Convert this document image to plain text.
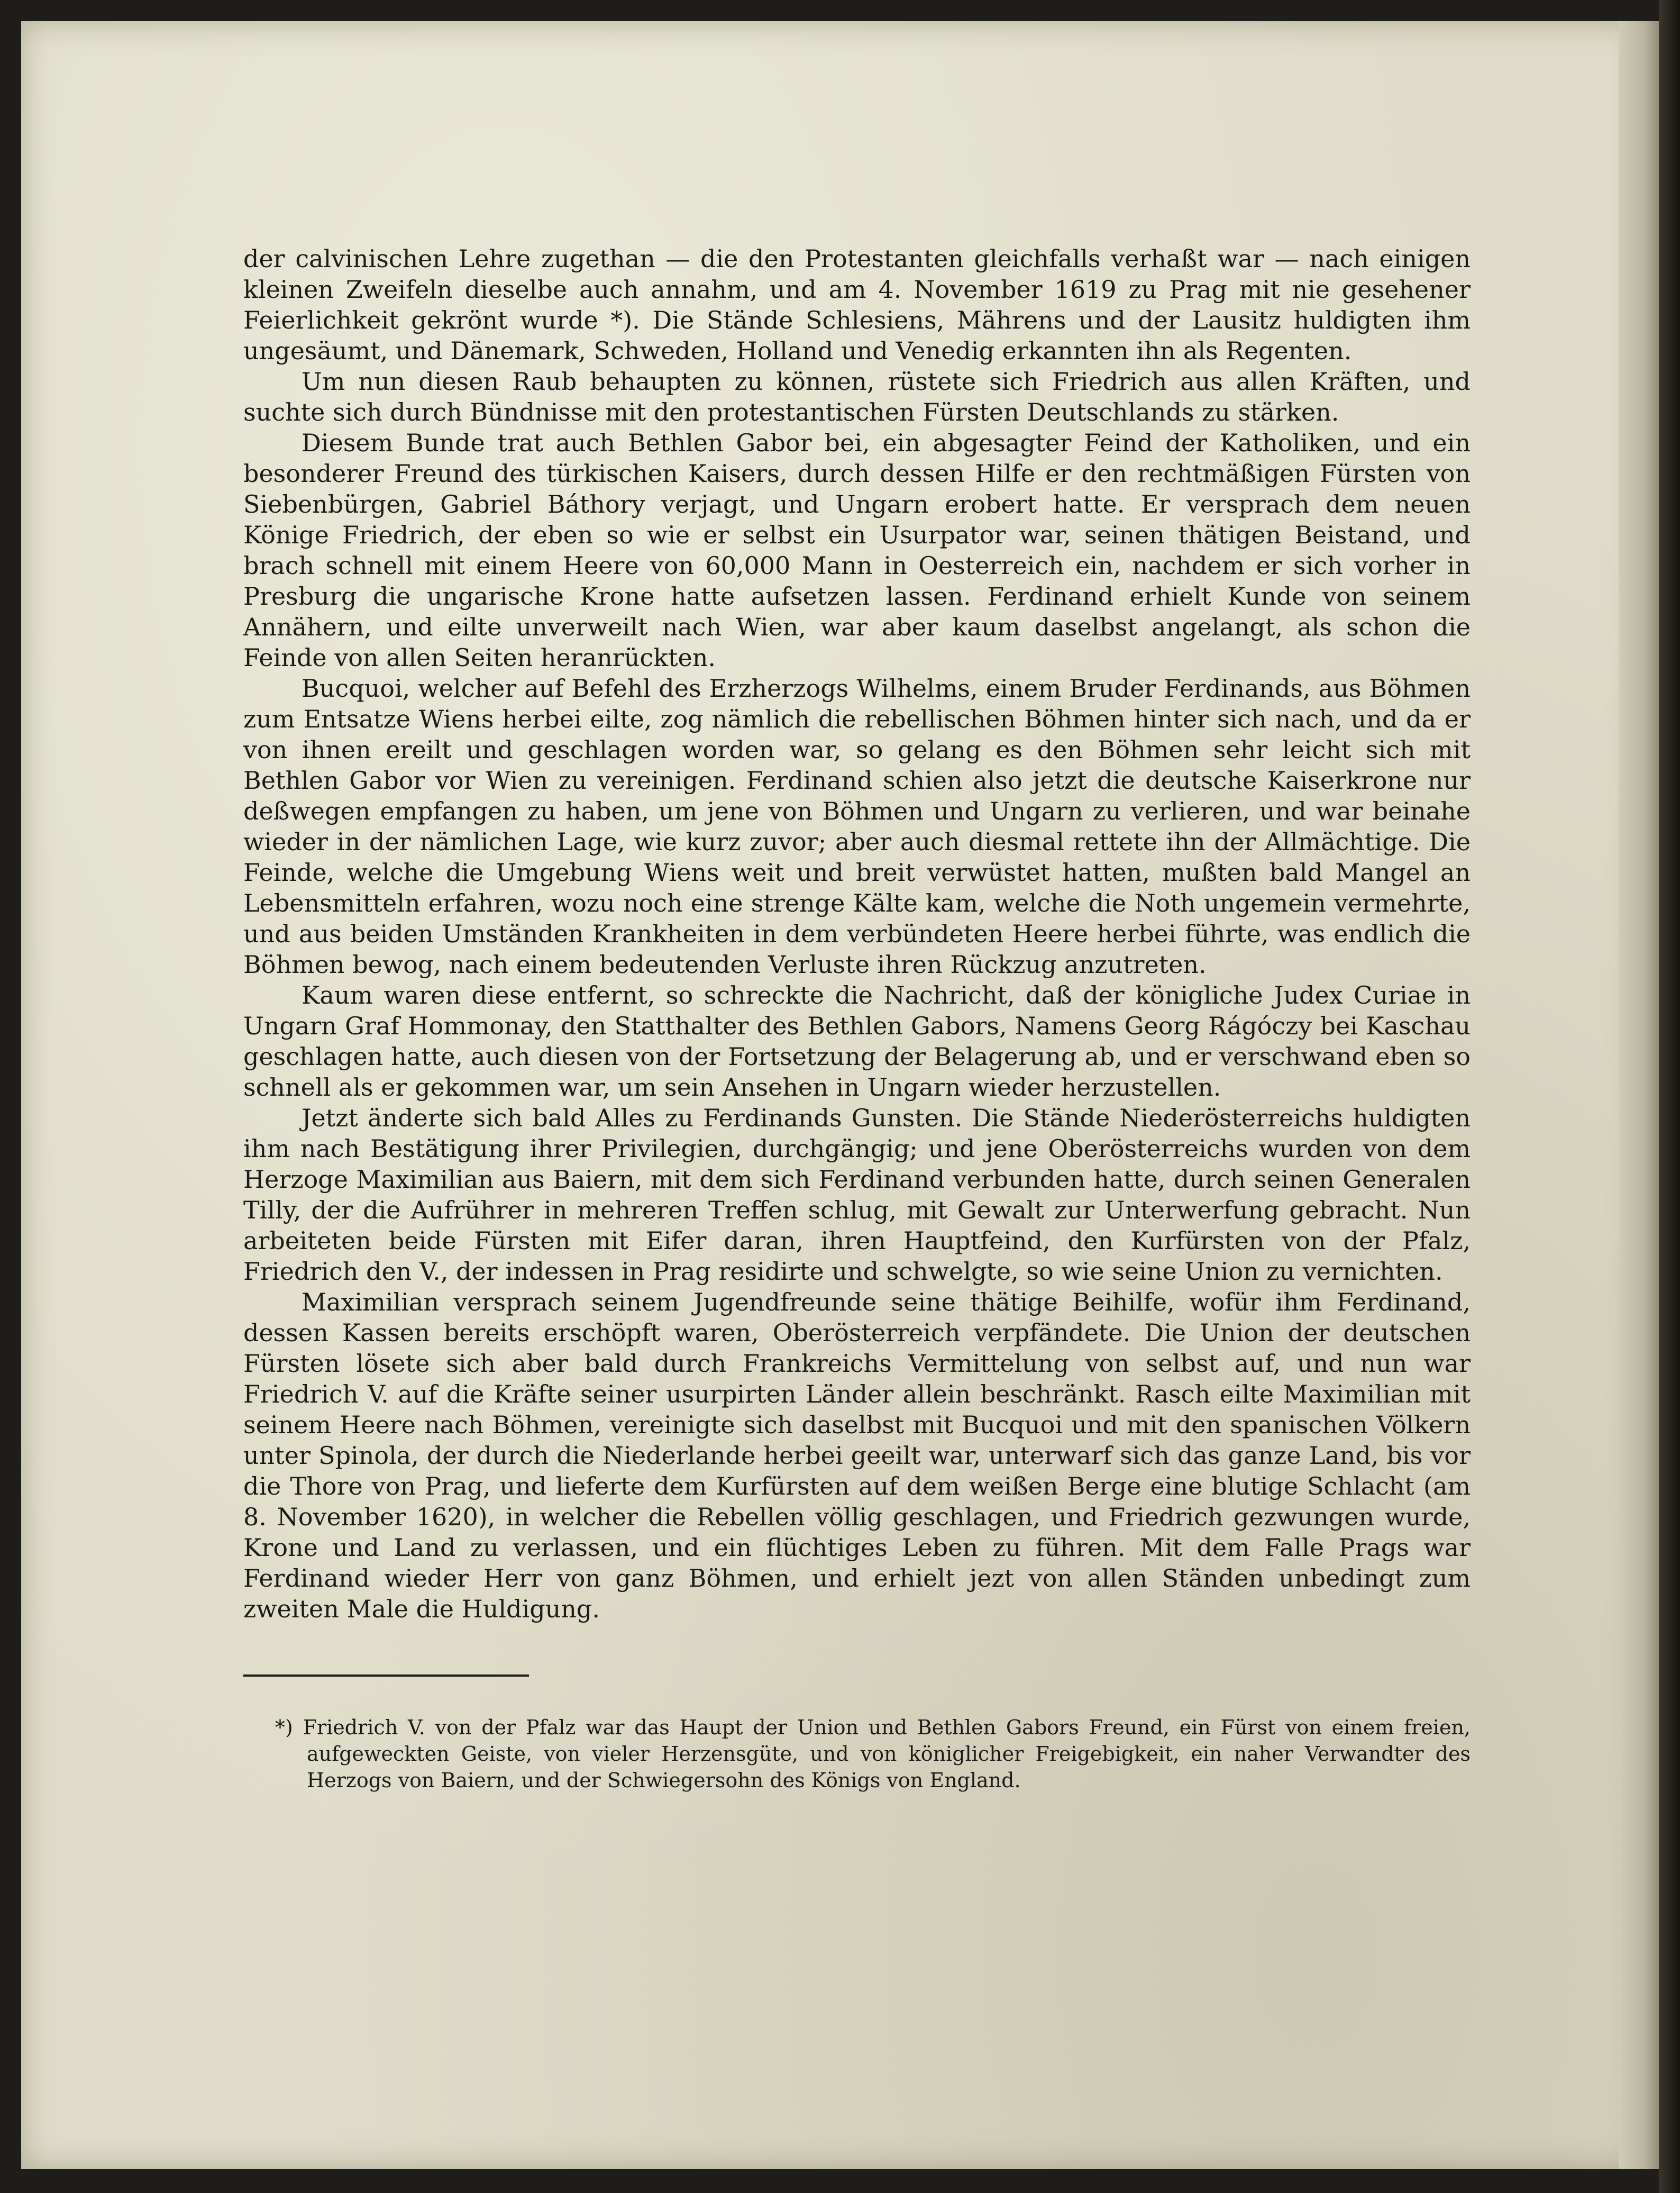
der calvinischen Lehre zugethan — die den Protestanten gleichfalls verhaßt war — nach einigen kleinen Zweifeln dieselbe auch annahm, und am 4. November 1619 zu Prag mit nie gesehener Feierlichkeit gekrönt wurde *). Die Stände Schlesiens, Mährens und der Lausitz huldigten ihm ungesäumt, und Dänemark, Schweden, Holland und Venedig erkannten ihn als Regenten.

Um nun diesen Raub behaupten zu können, rüstete sich Friedrich aus allen Kräften, und suchte sich durch Bündnisse mit den protestantischen Fürsten Deutschlands zu stärken.

Diesem Bunde trat auch Bethlen Gabor bei, ein abgesagter Feind der Katholiken, und ein besonderer Freund des türkischen Kaisers, durch dessen Hilfe er den rechtmäßigen Fürsten von Siebenbürgen, Gabriel Báthory verjagt, und Ungarn erobert hatte. Er versprach dem neuen Könige Friedrich, der eben so wie er selbst ein Usurpator war, seinen thätigen Beistand, und brach schnell mit einem Heere von 60,000 Mann in Oesterreich ein, nachdem er sich vorher in Presburg die ungarische Krone hatte aufsetzen lassen. Ferdinand erhielt Kunde von seinem Annähern, und eilte unverweilt nach Wien, war aber kaum daselbst angelangt, als schon die Feinde von allen Seiten heranrückten.

Bucquoi, welcher auf Befehl des Erzherzogs Wilhelms, einem Bruder Ferdinands, aus Böhmen zum Entsatze Wiens herbei eilte, zog nämlich die rebellischen Böhmen hinter sich nach, und da er von ihnen ereilt und geschlagen worden war, so gelang es den Böhmen sehr leicht sich mit Bethlen Gabor vor Wien zu vereinigen. Ferdinand schien also jetzt die deutsche Kaiserkrone nur deßwegen empfangen zu haben, um jene von Böhmen und Ungarn zu verlieren, und war beinahe wieder in der nämlichen Lage, wie kurz zuvor; aber auch diesmal rettete ihn der Allmächtige. Die Feinde, welche die Umgebung Wiens weit und breit verwüstet hatten, mußten bald Mangel an Lebensmitteln erfahren, wozu noch eine strenge Kälte kam, welche die Noth ungemein vermehrte, und aus beiden Umständen Krankheiten in dem verbündeten Heere herbei führte, was endlich die Böhmen bewog, nach einem bedeutenden Verluste ihren Rückzug anzutreten.

Kaum waren diese entfernt, so schreckte die Nachricht, daß der königliche Judex Curiae in Ungarn Graf Hommonay, den Statthalter des Bethlen Gabors, Namens Georg Rágóczy bei Kaschau geschlagen hatte, auch diesen von der Fortsetzung der Belagerung ab, und er verschwand eben so schnell als er gekommen war, um sein Ansehen in Ungarn wieder herzustellen.

Jetzt änderte sich bald Alles zu Ferdinands Gunsten. Die Stände Niederösterreichs huldigten ihm nach Bestätigung ihrer Privilegien, durchgängig; und jene Oberösterreichs wurden von dem Herzoge Maximilian aus Baiern, mit dem sich Ferdinand verbunden hatte, durch seinen Generalen Tilly, der die Aufrührer in mehreren Treffen schlug, mit Gewalt zur Unterwerfung gebracht. Nun arbeiteten beide Fürsten mit Eifer daran, ihren Hauptfeind, den Kurfürsten von der Pfalz, Friedrich den V., der indessen in Prag residirte und schwelgte, so wie seine Union zu vernichten.

Maximilian versprach seinem Jugendfreunde seine thätige Beihilfe, wofür ihm Ferdinand, dessen Kassen bereits erschöpft waren, Oberösterreich verpfändete. Die Union der deutschen Fürsten lösete sich aber bald durch Frankreichs Vermittelung von selbst auf, und nun war Friedrich V. auf die Kräfte seiner usurpirten Länder allein beschränkt. Rasch eilte Maximilian mit seinem Heere nach Böhmen, vereinigte sich daselbst mit Bucquoi und mit den spanischen Völkern unter Spinola, der durch die Niederlande herbei geeilt war, unterwarf sich das ganze Land, bis vor die Thore von Prag, und lieferte dem Kurfürsten auf dem weißen Berge eine blutige Schlacht (am 8. November 1620), in welcher die Rebellen völlig geschlagen, und Friedrich gezwungen wurde, Krone und Land zu verlassen, und ein flüchtiges Leben zu führen. Mit dem Falle Prags war Ferdinand wieder Herr von ganz Böhmen, und erhielt jezt von allen Ständen unbedingt zum zweiten Male die Huldigung.

*) Friedrich V. von der Pfalz war das Haupt der Union und Bethlen Gabors Freund, ein Fürst von einem freien, aufgeweckten Geiste, von vieler Herzensgüte, und von königlicher Freigebigkeit, ein naher Verwandter des Herzogs von Baiern, und der Schwiegersohn des Königs von England.
